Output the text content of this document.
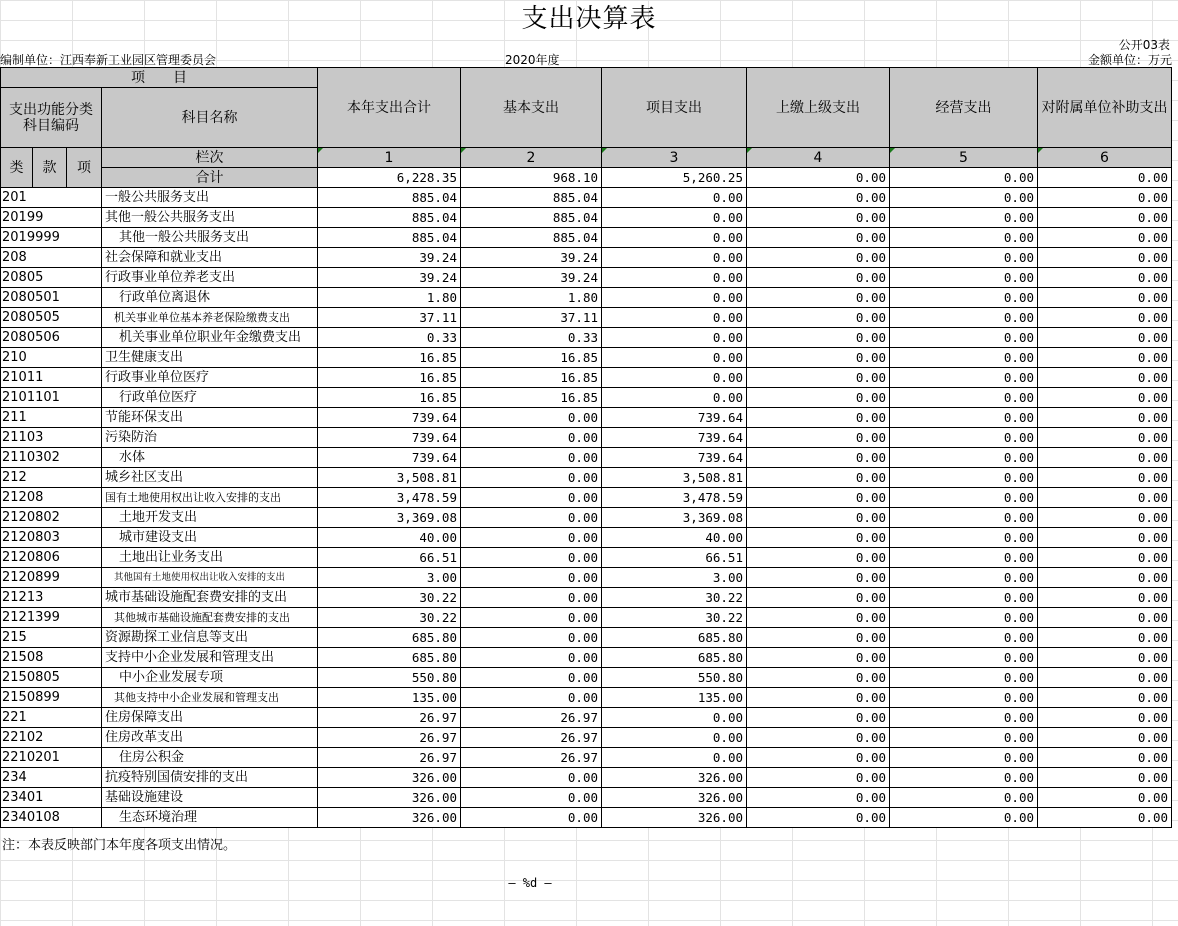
支出决算表
公开03表
编制单位：江西奉新工业园区管理委员会	2020年度	金额单位：万元
项　　目				本年支出合计	基本支出	项目支出	上缴上级支出	经营支出	对附属单位补助支出
支出功能分类
科目编码			科目名称						
类	款	项	栏次	1	2	3	4	5	6
			合计	6,228.35	968.10	5,260.25	0.00	0.00	0.00
201			一般公共服务支出	885.04	885.04	0.00	0.00	0.00	0.00
20199			其他一般公共服务支出	885.04	885.04	0.00	0.00	0.00	0.00
2019999			其他一般公共服务支出	885.04	885.04	0.00	0.00	0.00	0.00
208			社会保障和就业支出	39.24	39.24	0.00	0.00	0.00	0.00
20805			行政事业单位养老支出	39.24	39.24	0.00	0.00	0.00	0.00
2080501			行政单位离退休	1.80	1.80	0.00	0.00	0.00	0.00
2080505			机关事业单位基本养老保险缴费支出	37.11	37.11	0.00	0.00	0.00	0.00
2080506			机关事业单位职业年金缴费支出	0.33	0.33	0.00	0.00	0.00	0.00
210			卫生健康支出	16.85	16.85	0.00	0.00	0.00	0.00
21011			行政事业单位医疗	16.85	16.85	0.00	0.00	0.00	0.00
2101101			行政单位医疗	16.85	16.85	0.00	0.00	0.00	0.00
211			节能环保支出	739.64	0.00	739.64	0.00	0.00	0.00
21103			污染防治	739.64	0.00	739.64	0.00	0.00	0.00
2110302			水体	739.64	0.00	739.64	0.00	0.00	0.00
212			城乡社区支出	3,508.81	0.00	3,508.81	0.00	0.00	0.00
21208			国有土地使用权出让收入安排的支出	3,478.59	0.00	3,478.59	0.00	0.00	0.00
2120802			土地开发支出	3,369.08	0.00	3,369.08	0.00	0.00	0.00
2120803			城市建设支出	40.00	0.00	40.00	0.00	0.00	0.00
2120806			土地出让业务支出	66.51	0.00	66.51	0.00	0.00	0.00
2120899			其他国有土地使用权出让收入安排的支出	3.00	0.00	3.00	0.00	0.00	0.00
21213			城市基础设施配套费安排的支出	30.22	0.00	30.22	0.00	0.00	0.00
2121399			其他城市基础设施配套费安排的支出	30.22	0.00	30.22	0.00	0.00	0.00
215			资源勘探工业信息等支出	685.80	0.00	685.80	0.00	0.00	0.00
21508			支持中小企业发展和管理支出	685.80	0.00	685.80	0.00	0.00	0.00
2150805			中小企业发展专项	550.80	0.00	550.80	0.00	0.00	0.00
2150899			其他支持中小企业发展和管理支出	135.00	0.00	135.00	0.00	0.00	0.00
221			住房保障支出	26.97	26.97	0.00	0.00	0.00	0.00
22102			住房改革支出	26.97	26.97	0.00	0.00	0.00	0.00
2210201			住房公积金	26.97	26.97	0.00	0.00	0.00	0.00
234			抗疫特别国债安排的支出	326.00	0.00	326.00	0.00	0.00	0.00
23401			基础设施建设	326.00	0.00	326.00	0.00	0.00	0.00
2340108			生态环境治理	326.00	0.00	326.00	0.00	0.00	0.00
注：本表反映部门本年度各项支出情况。
— %d —
